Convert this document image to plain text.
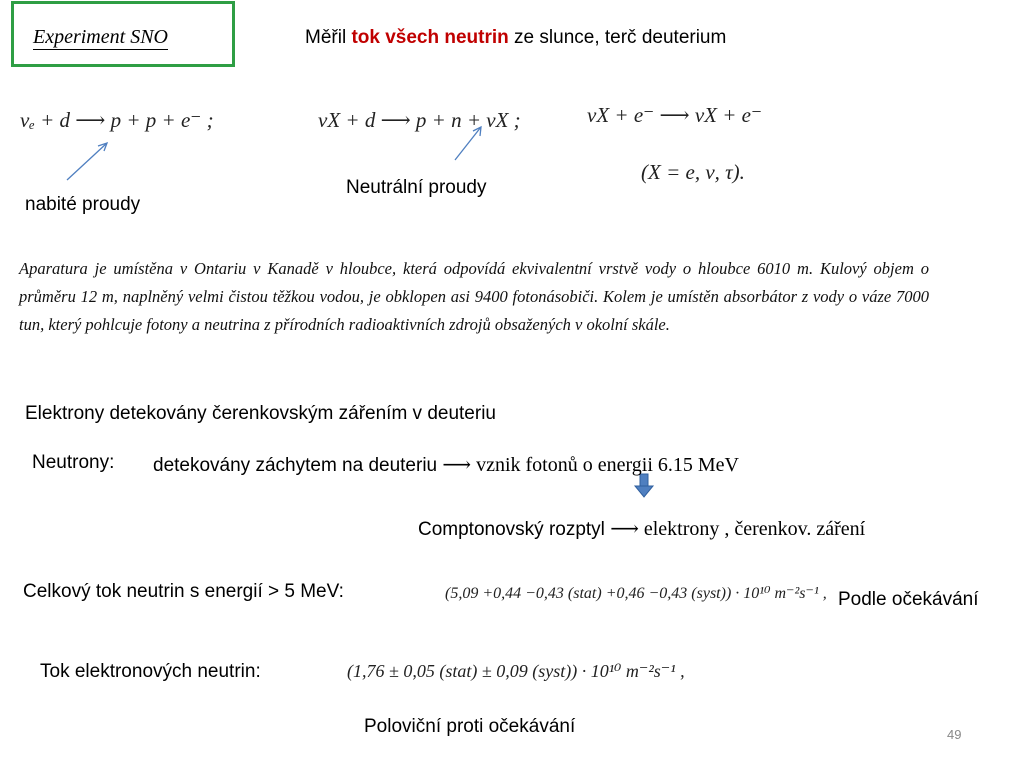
Experiment SNO	Měřil tok všech neutrin ze slunce, terč deuterium
νₑ + d ⟶ p + p + e⁻ ;	νX + d ⟶ p + n + νX ;	νX + e⁻ ⟶ νX + e⁻
(X = e, ν, τ).
nabité proudy
Neutrální proudy
Aparatura je umístěna v Ontariu v Kanadě v hloubce, která odpovídá ekvivalentní vrstvě vody o hloubce 6010 m. Kulový objem o průměru 12 m, naplněný velmi čistou těžkou vodou, je obklopen asi 9400 fotonásobiči. Kolem je umístěn absorbátor z vody o váze 7000 tun, který pohlcuje fotony a neutrina z přírodních radioaktivních zdrojů obsažených v okolní skále.
Elektrony detekovány čerenkovským zářením v deuteriu
Neutrony: detekovány záchytem na deuteriu ⟶ vznik fotonů o energii 6.15 MeV
Comptonovský rozptyl ⟶ elektrony , čerenkov. záření
Celkový tok neutrin s energií > 5 MeV:	(5,09 +0,44 −0,43 (stat) +0,46 −0,43 (syst)) · 10¹⁰ m⁻²s⁻¹ , Podle očekávání
Tok elektronových neutrin:	(1,76 ± 0,05 (stat) ± 0,09 (syst)) · 10¹⁰ m⁻²s⁻¹ ,
Poloviční proti očekávání	49
